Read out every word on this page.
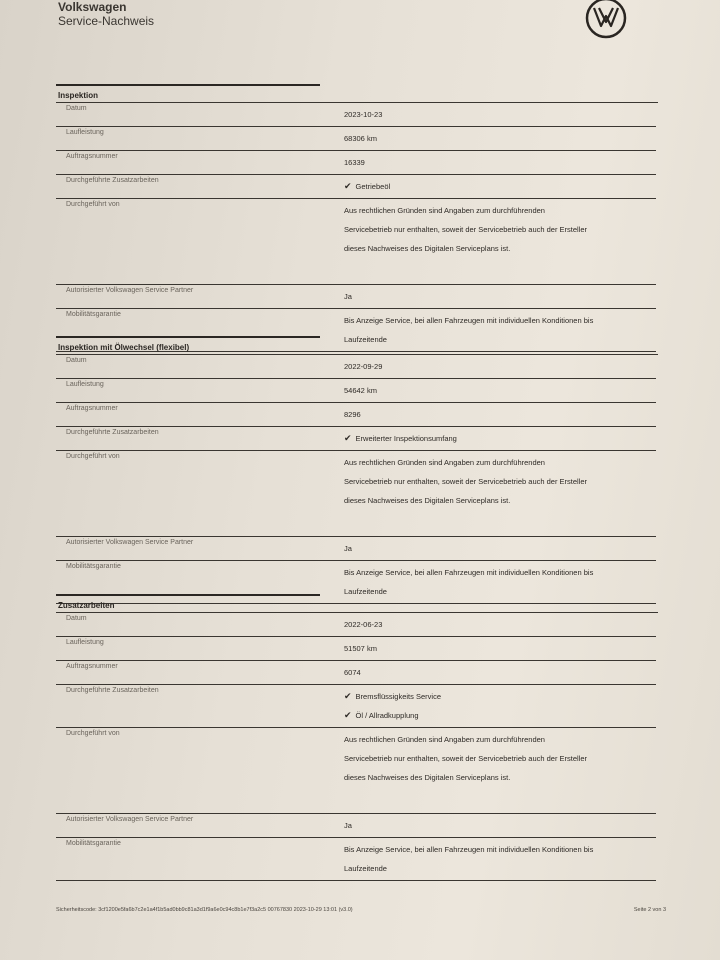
Volkswagen
Service-Nachweis
Inspektion
Datum
2023-10-23
Laufleistung
68306 km
Auftragsnummer
16339
Durchgeführte Zusatzarbeiten
✔ Getriebeöl
Durchgeführt von
Aus rechtlichen Gründen sind Angaben zum durchführenden
Servicebetrieb nur enthalten, soweit der Servicebetrieb auch der Ersteller
dieses Nachweises des Digitalen Serviceplans ist.
Autorisierter Volkswagen Service Partner
Ja
Mobilitätsgarantie
Bis Anzeige Service, bei allen Fahrzeugen mit individuellen Konditionen bis
Laufzeitende
Inspektion mit Ölwechsel (flexibel)
Datum
2022-09-29
Laufleistung
54642 km
Auftragsnummer
8296
Durchgeführte Zusatzarbeiten
✔ Erweiterter Inspektionsumfang
Durchgeführt von
Aus rechtlichen Gründen sind Angaben zum durchführenden
Servicebetrieb nur enthalten, soweit der Servicebetrieb auch der Ersteller
dieses Nachweises des Digitalen Serviceplans ist.
Autorisierter Volkswagen Service Partner
Ja
Mobilitätsgarantie
Bis Anzeige Service, bei allen Fahrzeugen mit individuellen Konditionen bis
Laufzeitende
Zusatzarbeiten
Datum
2022-06-23
Laufleistung
51507 km
Auftragsnummer
6074
Durchgeführte Zusatzarbeiten
✔ Bremsflüssigkeits Service
✔ Öl / Allradkupplung
Durchgeführt von
Aus rechtlichen Gründen sind Angaben zum durchführenden
Servicebetrieb nur enthalten, soweit der Servicebetrieb auch der Ersteller
dieses Nachweises des Digitalen Serviceplans ist.
Autorisierter Volkswagen Service Partner
Ja
Mobilitätsgarantie
Bis Anzeige Service, bei allen Fahrzeugen mit individuellen Konditionen bis
Laufzeitende
Sicherheitscode: 3cf1200e5fa6b7c2e1a4f1b5ad0bb9c81a3d1f9a6e0c94c8b1e7f3a2c5 00767830 2023-10-29 13:01 (v3.0)	Seite 2 von 3
